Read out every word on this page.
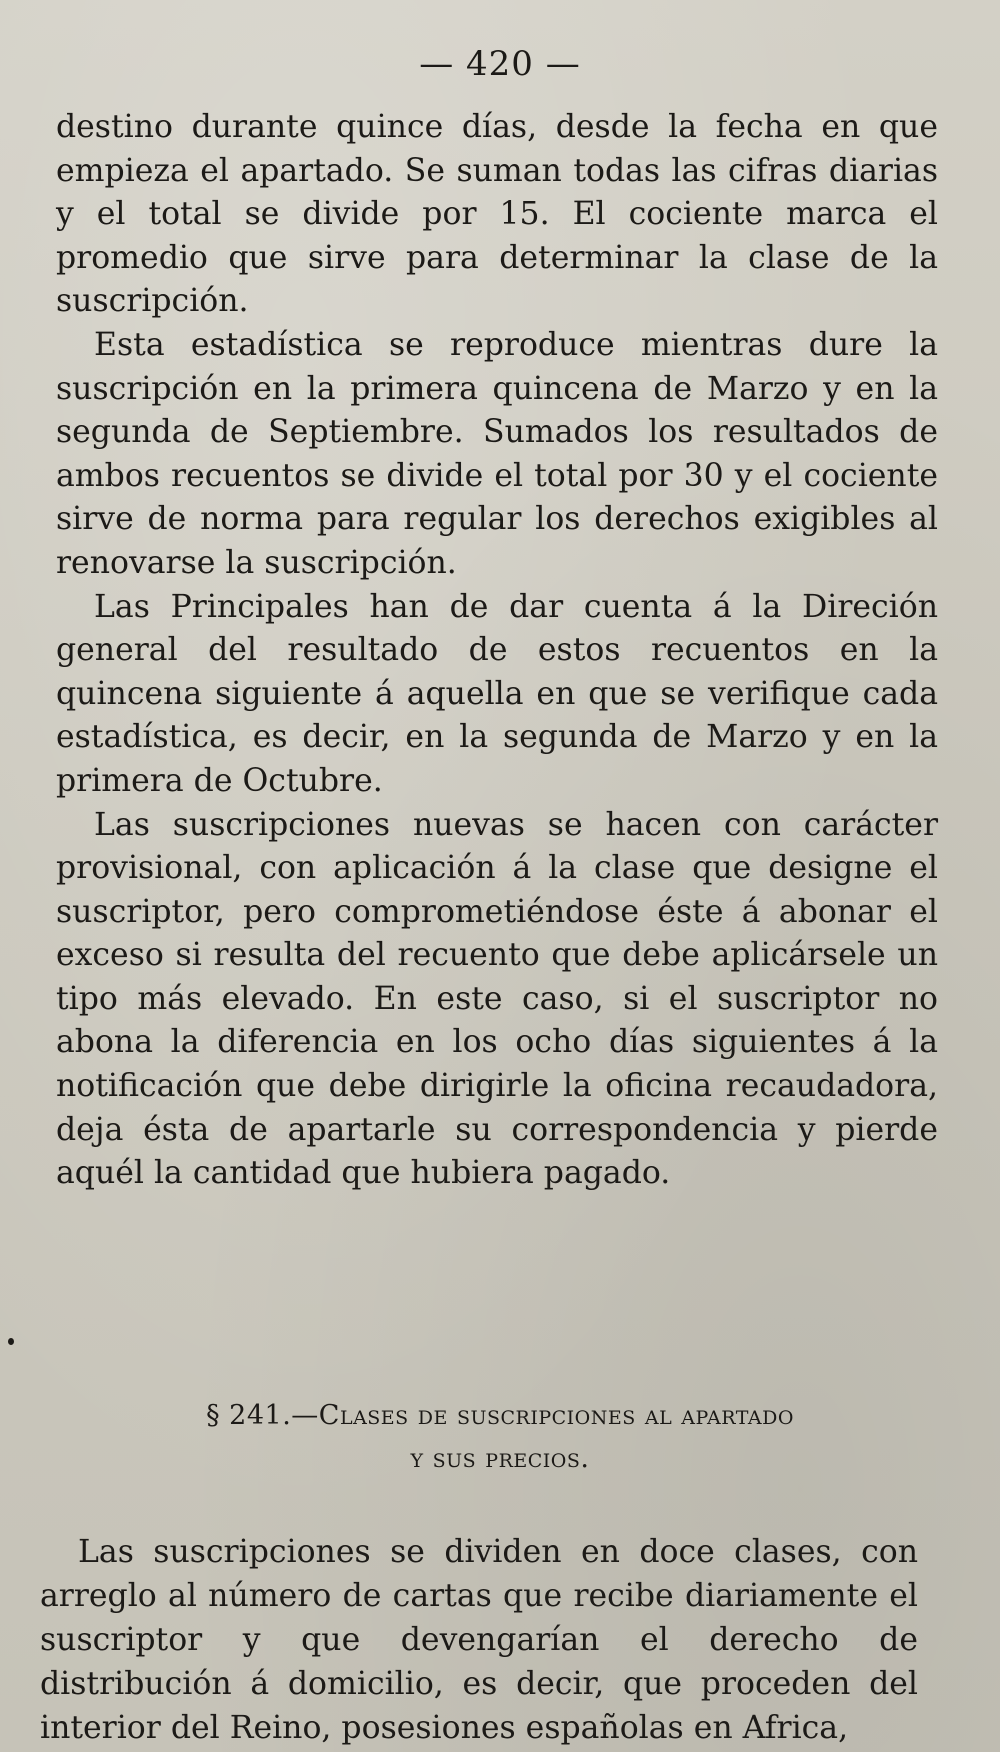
— 420 —

destino durante quince días, desde la fecha en que empieza el apartado. Se suman todas las cifras diarias y el total se divide por 15. El cociente marca el promedio que sirve para determinar la clase de la suscripción.

Esta estadística se reproduce mientras dure la suscripción en la primera quincena de Marzo y en la segunda de Septiembre. Sumados los resultados de ambos recuentos se divide el total por 30 y el cociente sirve de norma para regular los derechos exigibles al renovarse la suscripción.

Las Principales han de dar cuenta á la Direción general del resultado de estos recuentos en la quincena siguiente á aquella en que se verifique cada estadística, es decir, en la segunda de Marzo y en la primera de Octubre.

Las suscripciones nuevas se hacen con carácter provisional, con aplicación á la clase que designe el suscriptor, pero comprometiéndose éste á abonar el exceso si resulta del recuento que debe aplicársele un tipo más elevado. En este caso, si el suscriptor no abona la diferencia en los ocho días siguientes á la notificación que debe dirigirle la oficina recaudadora, deja ésta de apartarle su correspondencia y pierde aquél la cantidad que hubiera pagado.

§ 241.—Clases de suscripciones al apartado
y sus precios.

Las suscripciones se dividen en doce clases, con arreglo al número de cartas que recibe diariamente el suscriptor y que devengarían el derecho de distribución á domicilio, es decir, que proceden del interior del Reino, posesiones españolas en Africa,
